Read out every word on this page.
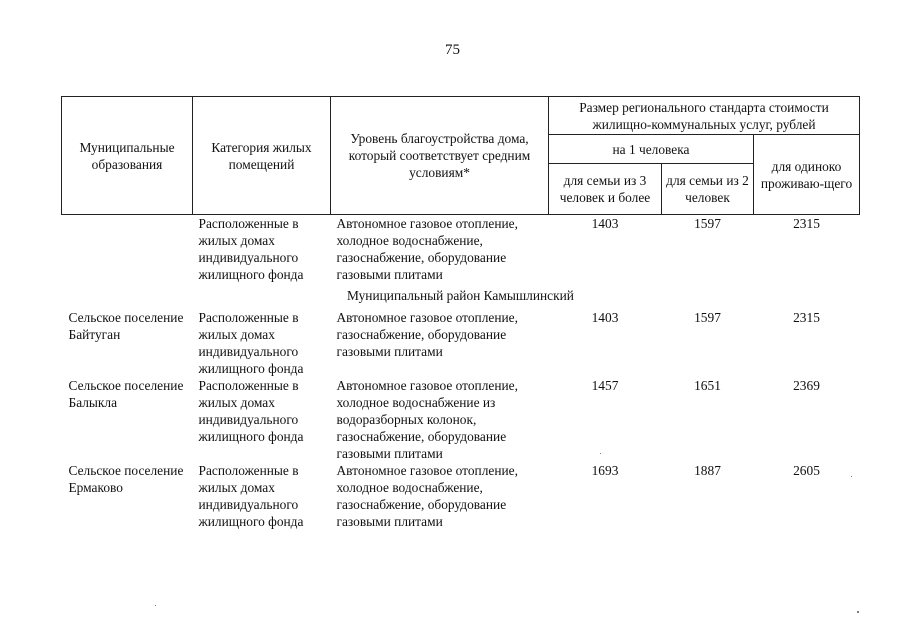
75
Муниципальные образования	Категория жилых помещений	Уровень благоустройства дома, который соответствует средним условиям*	Размер регионального стандарта стоимости жилищно-коммунальных услуг, рублей		
			на 1 человека		для одиноко проживаю-щего
			для семьи из 3 человек и более	для семьи из 2 человек	
	Расположенные в жилых домах индивидуального жилищного фонда	Автономное газовое отопление, холодное водоснабжение, газоснабжение, оборудование газовыми плитами	1403	1597	2315
Муниципальный район Камышлинский					
Сельское поселение Байтуган	Расположенные в жилых домах индивидуального жилищного фонда	Автономное газовое отопление, газоснабжение, оборудование газовыми плитами	1403	1597	2315
Сельское поселение Балыкла	Расположенные в жилых домах индивидуального жилищного фонда	Автономное газовое отопление, холодное водоснабжение из водоразборных колонок, газоснабжение, оборудование газовыми плитами	1457	1651	2369
Сельское поселение Ермаково	Расположенные в жилых домах индивидуального жилищного фонда	Автономное газовое отопление, холодное водоснабжение, газоснабжение, оборудование газовыми плитами	1693	1887	2605
